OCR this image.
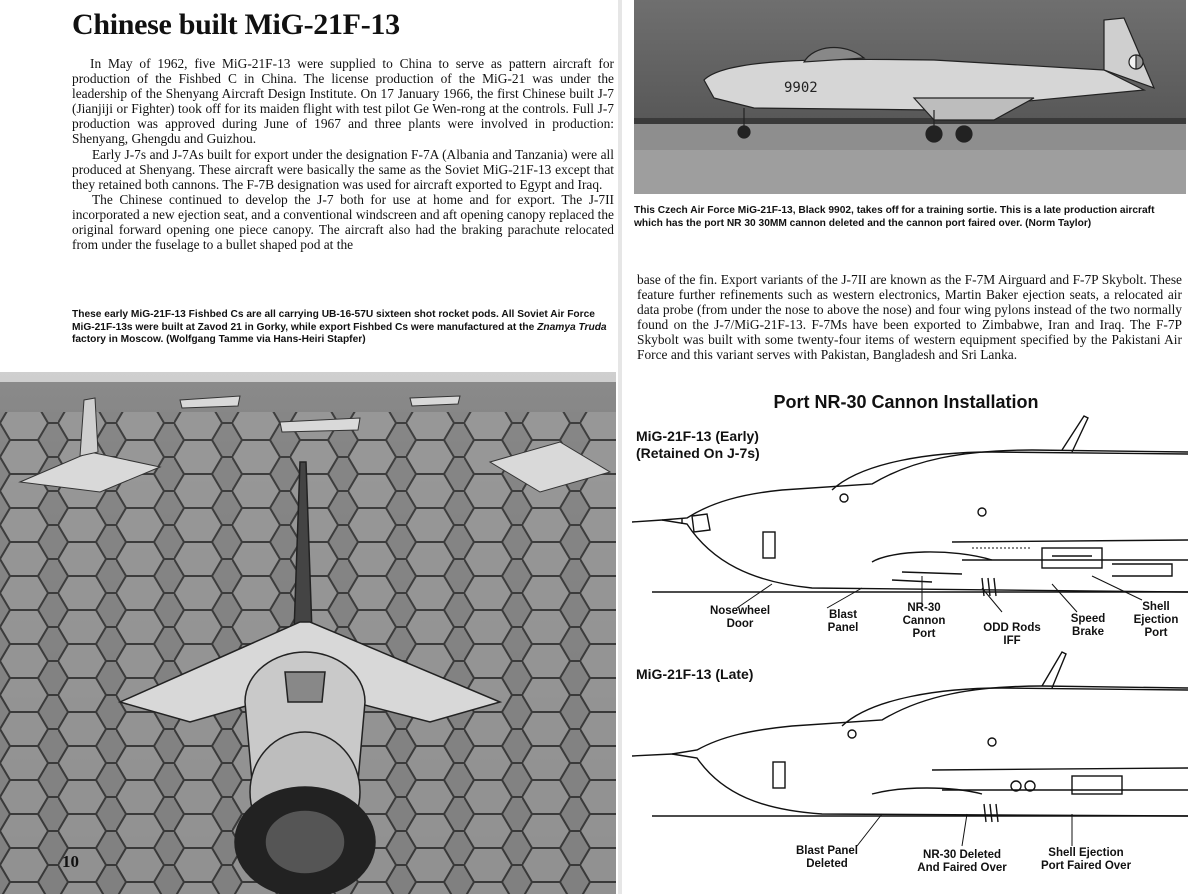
Chinese built MiG-21F-13

In May of 1962, five MiG-21F-13 were supplied to China to serve as pattern aircraft for production of the Fishbed C in China. The license production of the MiG-21 was under the leadership of the Shenyang Aircraft Design Institute. On 17 January 1966, the first Chinese built J-7 (Jianjiji or Fighter) took off for its maiden flight with test pilot Ge Wen-rong at the controls. Full J-7 production was approved during June of 1967 and three plants were involved in production: Shenyang, Ghengdu and Guizhou.

Early J-7s and J-7As built for export under the designation F-7A (Albania and Tanzania) were all produced at Shenyang. These aircraft were basically the same as the Soviet MiG-21F-13 except that they retained both cannons. The F-7B designation was used for aircraft exported to Egypt and Iraq.

The Chinese continued to develop the J-7 both for use at home and for export. The J-7II incorporated a new ejection seat, and a conventional windscreen and aft opening canopy replaced the original forward opening one piece canopy. The aircraft also had the braking parachute relocated from under the fuselage to a bullet shaped pod at the

These early MiG-21F-13 Fishbed Cs are all carrying UB-16-57U sixteen shot rocket pods. All Soviet Air Force MiG-21F-13s were built at Zavod 21 in Gorky, while export Fishbed Cs were manufactured at the Znamya Truda factory in Moscow. (Wolfgang Tamme via Hans-Heiri Stapfer)
10
9902
This Czech Air Force MiG-21F-13, Black 9902, takes off for a training sortie. This is a late production aircraft which has the port NR 30 30MM cannon deleted and the cannon port faired over. (Norm Taylor)

base of the fin. Export variants of the J-7II are known as the F-7M Airguard and F-7P Skybolt. These feature further refinements such as western electronics, Martin Baker ejection seats, a relocated air data probe (from under the nose to above the nose) and four wing pylons instead of the two normally found on the J-7/MiG-21F-13. F-7Ms have been exported to Zimbabwe, Iran and Iraq. The F-7P Skybolt was built with some twenty-four items of western equipment specified by the Pakistani Air Force and this variant serves with Pakistan, Bangladesh and Sri Lanka.

Port NR-30 Cannon Installation
MiG-21F-13 (Early)
(Retained On J-7s)
Nosewheel
Door
Blast
Panel
NR-30
Cannon
Port	ODD Rods
IFF
Speed
Brake
Shell
Ejection
Port
MiG-21F-13 (Late)
Blast Panel
Deleted
NR-30 Deleted
And Faired Over
Shell Ejection
Port Faired Over
